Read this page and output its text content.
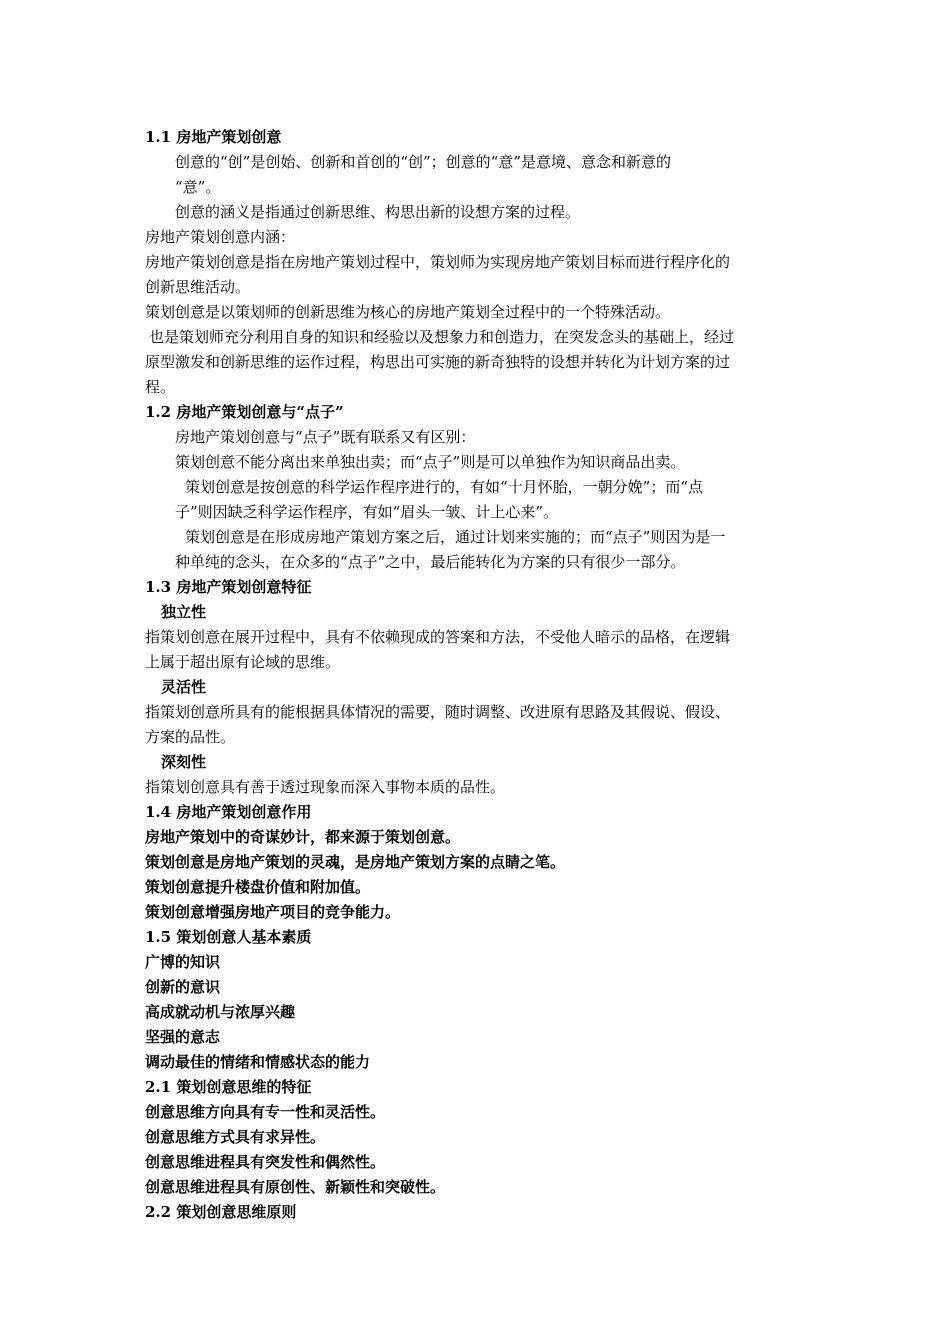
1.1 房地产策划创意
创意的“创”是创始、创新和首创的“创”；创意的“意”是意境、意念和新意的
“意”。
创意的涵义是指通过创新思维、构思出新的设想方案的过程。
房地产策划创意内涵：
房地产策划创意是指在房地产策划过程中，策划师为实现房地产策划目标而进行程序化的
创新思维活动。
策划创意是以策划师的创新思维为核心的房地产策划全过程中的一个特殊活动。
也是策划师充分利用自身的知识和经验以及想象力和创造力，在突发念头的基础上，经过
原型激发和创新思维的运作过程，构思出可实施的新奇独特的设想并转化为计划方案的过
程。
1.2 房地产策划创意与“点子”
房地产策划创意与“点子”既有联系又有区别：
策划创意不能分离出来单独出卖；而“点子”则是可以单独作为知识商品出卖。
策划创意是按创意的科学运作程序进行的，有如“十月怀胎，一朝分娩”；而“点
子”则因缺乏科学运作程序，有如“眉头一皱、计上心来”。
策划创意是在形成房地产策划方案之后，通过计划来实施的；而“点子”则因为是一
种单纯的念头，在众多的“点子”之中，最后能转化为方案的只有很少一部分。
1.3 房地产策划创意特征
独立性
指策划创意在展开过程中，具有不依赖现成的答案和方法，不受他人暗示的品格，在逻辑
上属于超出原有论域的思维。
灵活性
指策划创意所具有的能根据具体情况的需要，随时调整、改进原有思路及其假说、假设、
方案的品性。
深刻性
指策划创意具有善于透过现象而深入事物本质的品性。
1.4 房地产策划创意作用
房地产策划中的奇谋妙计，都来源于策划创意。
策划创意是房地产策划的灵魂，是房地产策划方案的点睛之笔。
策划创意提升楼盘价值和附加值。
策划创意增强房地产项目的竞争能力。
1.5 策划创意人基本素质
广博的知识
创新的意识
高成就动机与浓厚兴趣
坚强的意志
调动最佳的情绪和情感状态的能力
2.1 策划创意思维的特征
创意思维方向具有专一性和灵活性。
创意思维方式具有求异性。
创意思维进程具有突发性和偶然性。
创意思维进程具有原创性、新颖性和突破性。
2.2 策划创意思维原则
